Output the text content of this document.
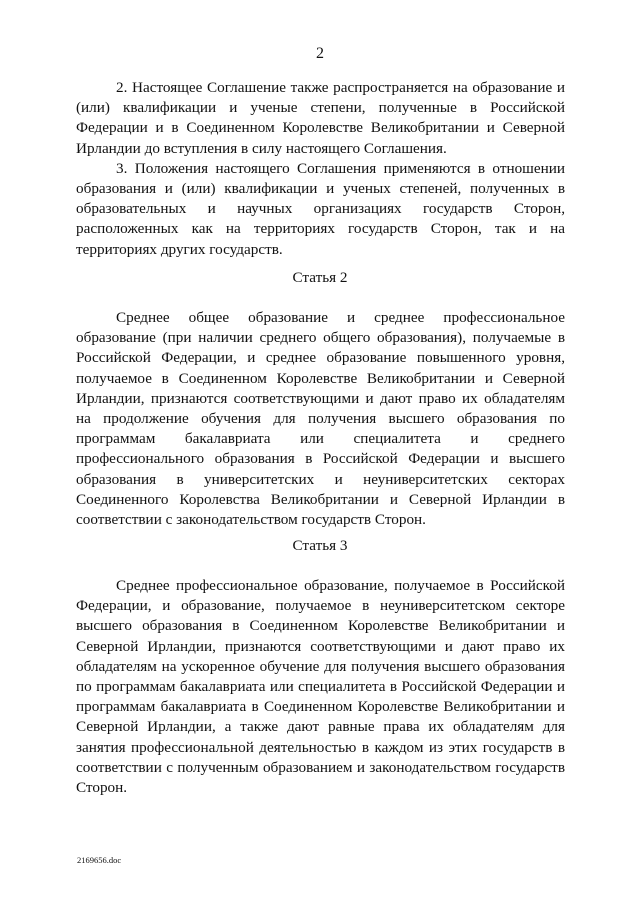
2

2. Настоящее Соглашение также распространяется на образование и (или) квалификации и ученые степени, полученные в Российской Федерации и в Соединенном Королевстве Великобритании и Северной Ирландии до вступления в силу настоящего Соглашения.

3. Положения настоящего Соглашения применяются в отношении образования и (или) квалификации и ученых степеней, полученных в образовательных и научных организациях государств Сторон, расположенных как на территориях государств Сторон, так и на территориях других государств.

Статья 2

Среднее общее образование и среднее профессиональное образование (при наличии среднего общего образования), получаемые в Российской Федерации, и среднее образование повышенного уровня, получаемое в Соединенном Королевстве Великобритании и Северной Ирландии, признаются соответствующими и дают право их обладателям на продолжение обучения для получения высшего образования по программам бакалавриата или специалитета и среднего профессионального образования в Российской Федерации и высшего образования в университетских и неуниверситетских секторах Соединенного Королевства Великобритании и Северной Ирландии в соответствии с законодательством государств Сторон.

Статья 3

Среднее профессиональное образование, получаемое в Российской Федерации, и образование, получаемое в неуниверситетском секторе высшего образования в Соединенном Королевстве Великобритании и Северной Ирландии, признаются соответствующими и дают право их обладателям на ускоренное обучение для получения высшего образования по программам бакалавриата или специалитета в Российской Федерации и программам бакалавриата в Соединенном Королевстве Великобритании и Северной Ирландии, а также дают равные права их обладателям для занятия профессиональной деятельностью в каждом из этих государств в соответствии с полученным образованием и законодательством государств Сторон.

2169656.doc
